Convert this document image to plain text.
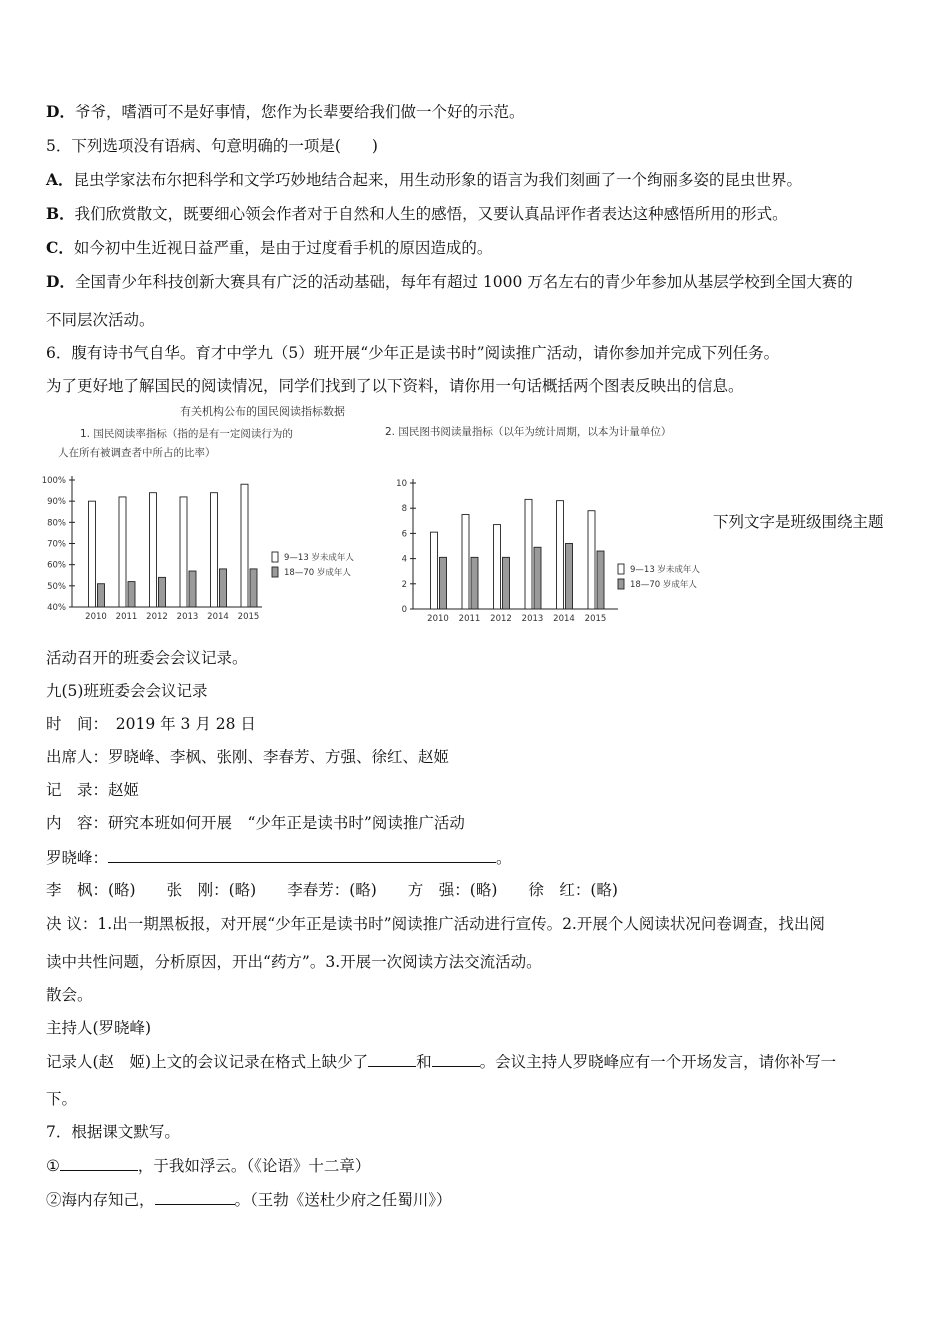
D．爷爷，嗜酒可不是好事情，您作为长辈要给我们做一个好的示范。
5．下列选项没有语病、句意明确的一项是(　　)
A．昆虫学家法布尔把科学和文学巧妙地结合起来，用生动形象的语言为我们刻画了一个绚丽多姿的昆虫世界。
B．我们欣赏散文，既要细心领会作者对于自然和人生的感悟，又要认真品评作者表达这种感悟所用的形式。
C．如今初中生近视日益严重，是由于过度看手机的原因造成的。
D．全国青少年科技创新大赛具有广泛的活动基础，每年有超过 1000 万名左右的青少年参加从基层学校到全国大赛的
不同层次活动。
6．腹有诗书气自华。育才中学九（5）班开展“少年正是读书时”阅读推广活动，请你参加并完成下列任务。
为了更好地了解国民的阅读情况，同学们找到了以下资料，请你用一句话概括两个图表反映出的信息。
有关机构公布的国民阅读指标数据
1. 国民阅读率指标（指的是有一定阅读行为的
人在所有被调查者中所占的比率）
2. 国民图书阅读量指标（以年为统计周期，以本为计量单位）
40%
50%
60%
70%
80%
90%
100%
2010 2011 2012 2013 2014 2015
9—13 岁未成年人
18—70 岁成年人
0
2
4
6
8
10
2010 2011 2012 2013 2014 2015
9—13 岁未成年人
18—70 岁成年人
下列文字是班级围绕主题
活动召开的班委会会议记录。
九(5)班班委会会议记录
时　间：　2019 年 3 月 28 日
出席人：罗晓峰、李枫、张刚、李春芳、方强、徐红、赵姬
记　录：赵姬
内　容：研究本班如何开展　“少年正是读书时”阅读推广活动
罗晓峰：	。
李　枫：(略)　　张　刚：(略)　　李春芳：(略)　　方　强：(略)　　徐　红：(略)
决 议：1.出一期黑板报，对开展“少年正是读书时”阅读推广活动进行宣传。2.开展个人阅读状况问卷调查，找出阅
读中共性问题，分析原因，开出“药方”。3.开展一次阅读方法交流活动。
散会。
主持人(罗晓峰)
记录人(赵　姬)上文的会议记录在格式上缺少了	和	。会议主持人罗晓峰应有一个开场发言，请你补写一
下。
7．根据课文默写。
①	，于我如浮云。（《论语》十二章）
②海内存知己，	。（王勃《送杜少府之任蜀川》）
